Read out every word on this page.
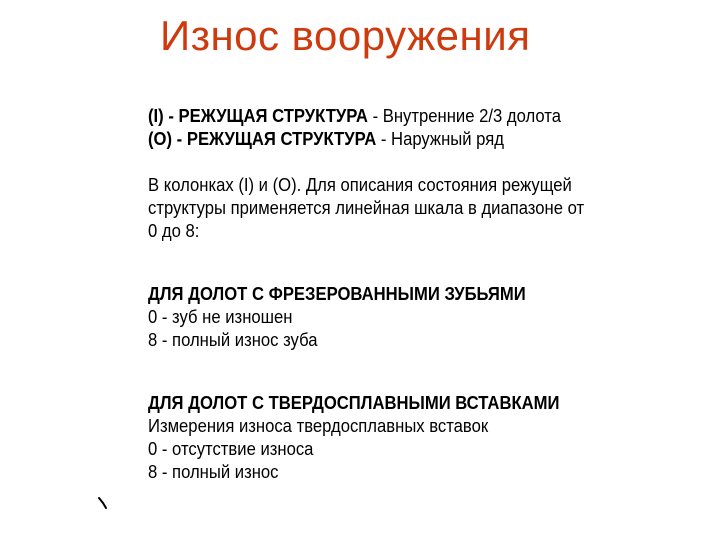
Износ вооружения
(I) - РЕЖУЩАЯ СТРУКТУРА - Внутренние 2/3 долота
(O) - РЕЖУЩАЯ СТРУКТУРА - Наружный ряд
В колонках (I) и (O). Для описания состояния режущей
структуры применяется линейная шкала в диапазоне от
0 до 8:
ДЛЯ ДОЛОТ С ФРЕЗЕРОВАННЫМИ ЗУБЬЯМИ
0 - зуб не изношен
8 - полный износ зуба
ДЛЯ ДОЛОТ С ТВЕРДОСПЛАВНЫМИ ВСТАВКАМИ
Измерения износа твердосплавных вставок
0 - отсутствие износа
8 - полный износ
